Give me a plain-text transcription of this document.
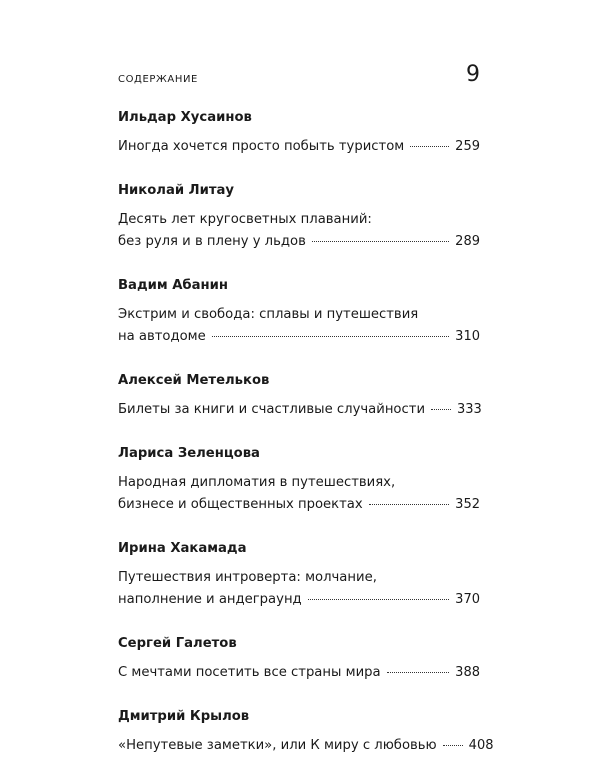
СОДЕРЖАНИЕ	9
Ильдар Хусаинов
Иногда хочется просто побыть туристом	259
Николай Литау
Десять лет кругосветных плаваний:
без руля и в плену у льдов	289
Вадим Абанин
Экстрим и свобода: сплавы и путешествия
на автодоме	310
Алексей Метельков
Билеты за книги и счастливые случайности 333
Лариса Зеленцова
Народная дипломатия в путешествиях,
бизнесе и общественных проектах	352
Ирина Хакамада
Путешествия интроверта: молчание,
наполнение и андеграунд	370
Сергей Галетов
С мечтами посетить все страны мира	388
Дмитрий Крылов
«Непутевые заметки», или К миру с любовью 408
